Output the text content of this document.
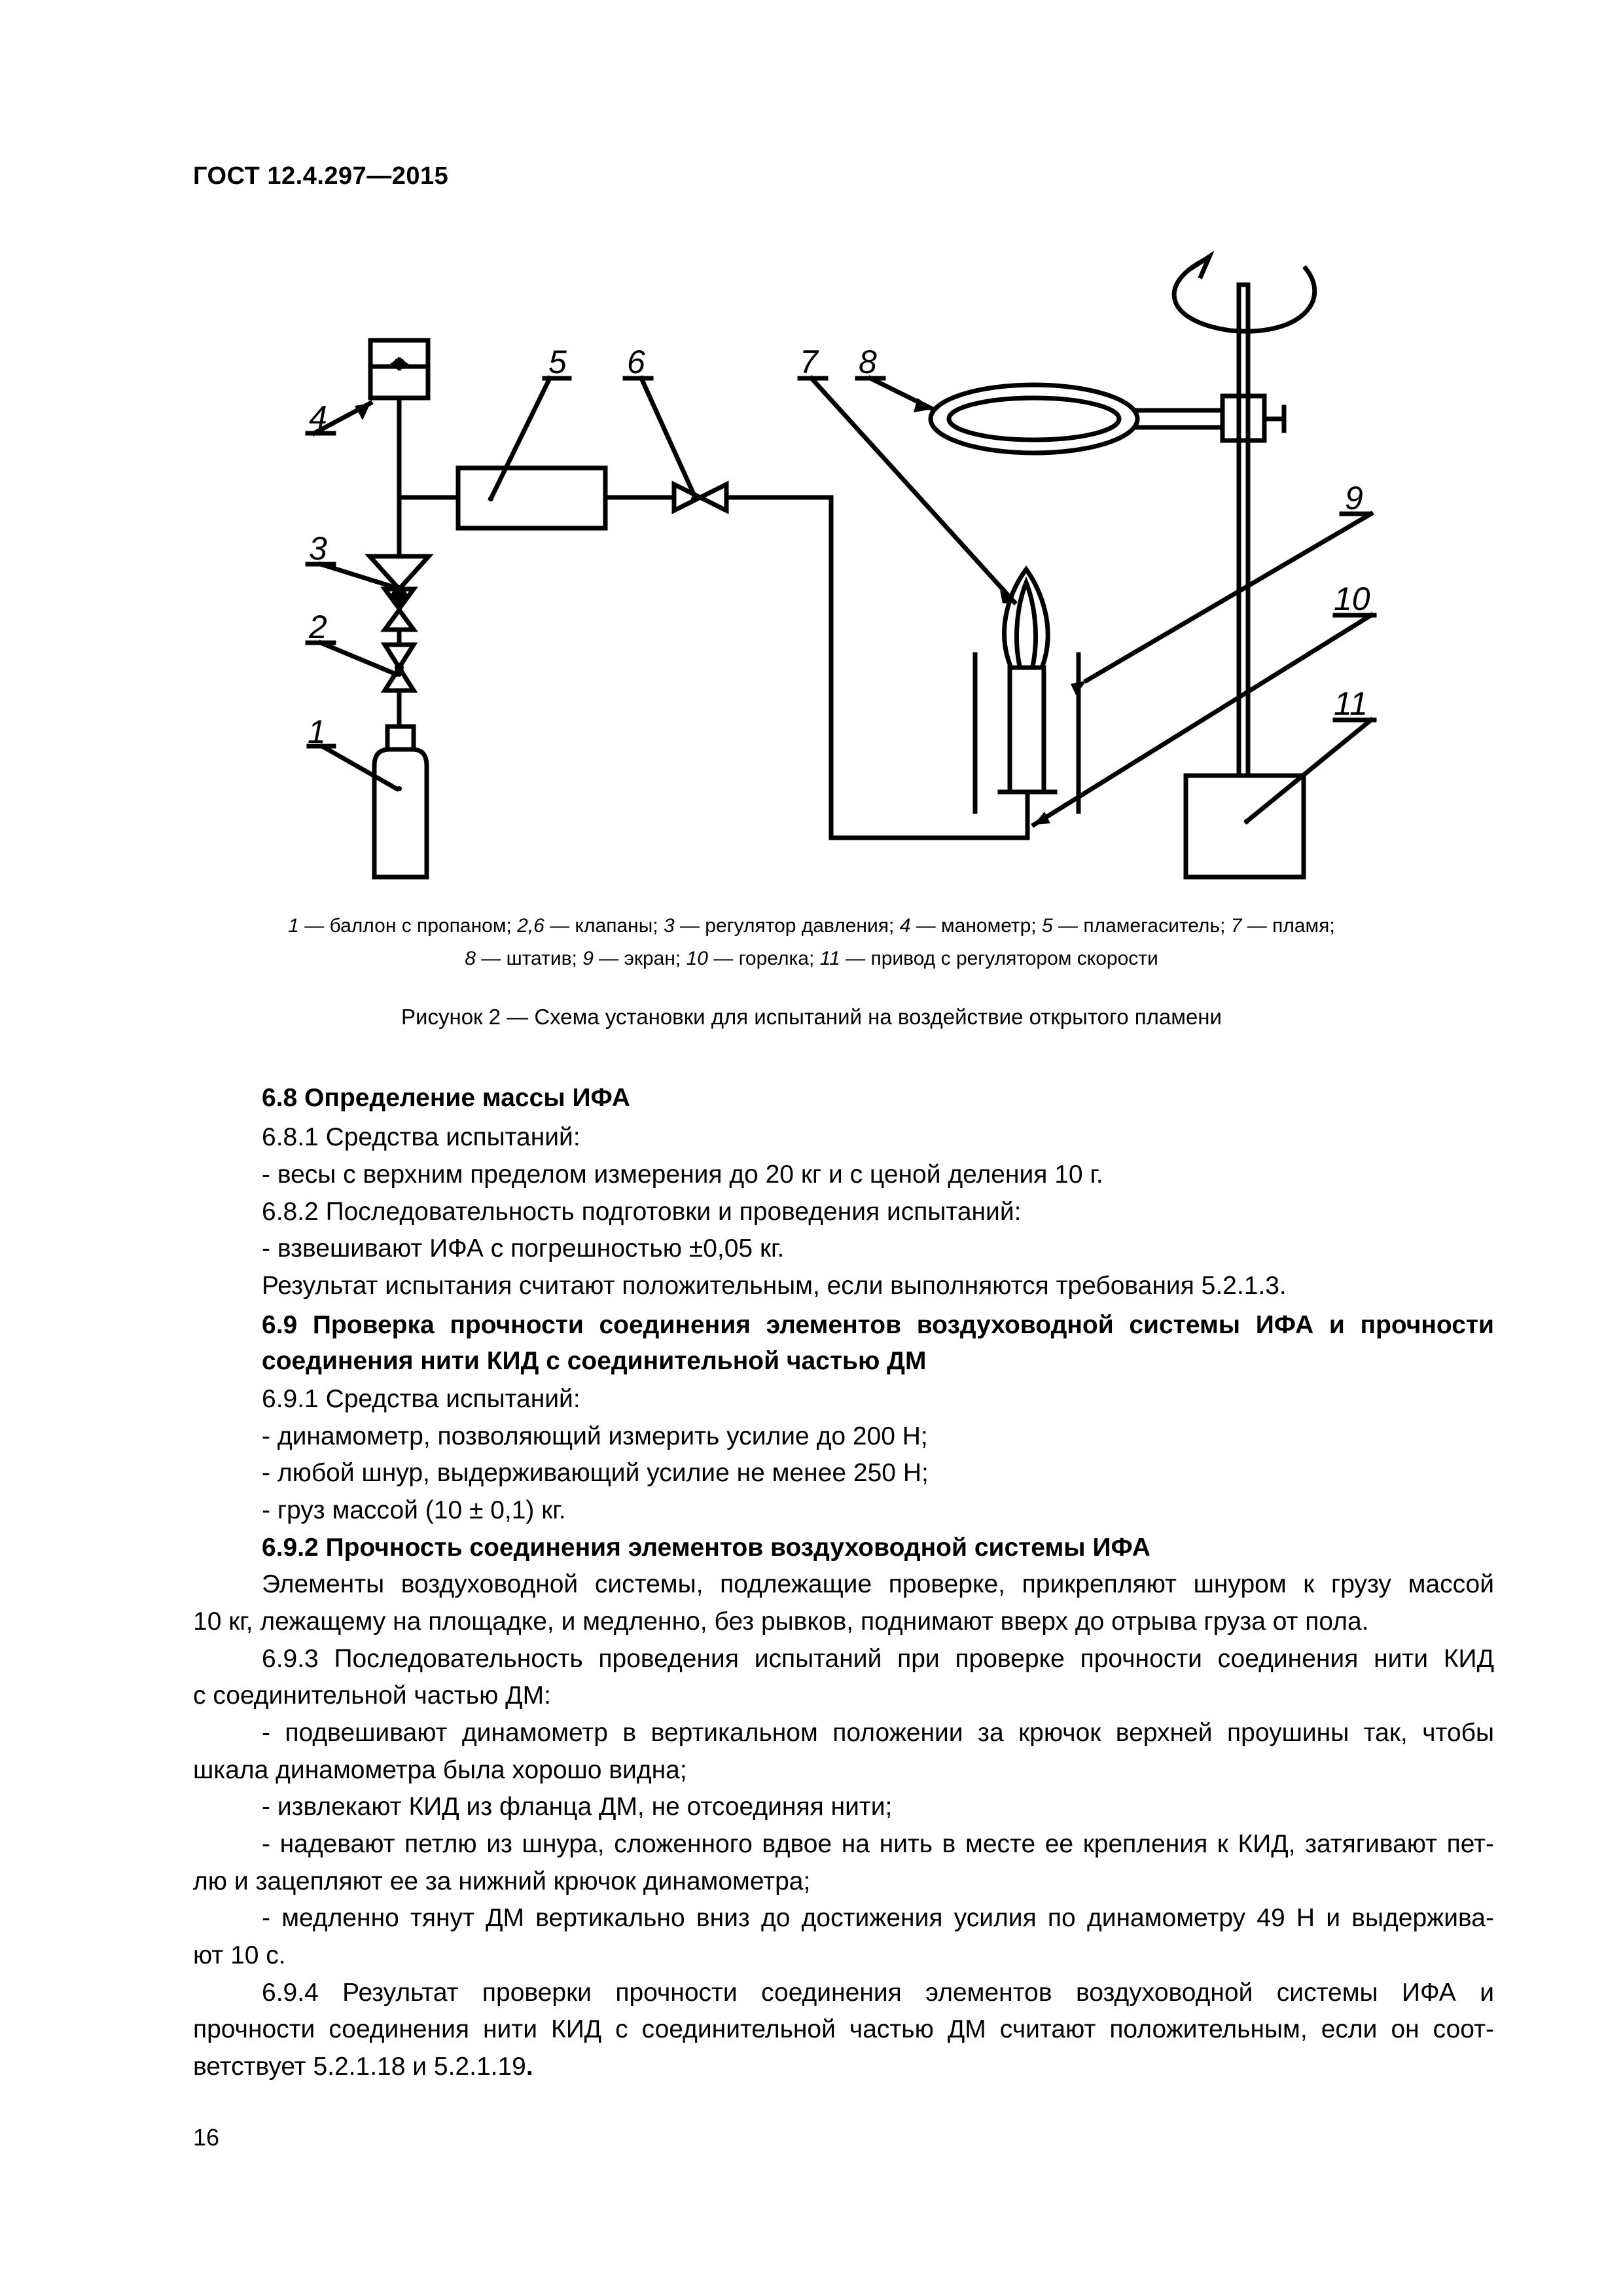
ГОСТ 12.4.297—2015
1
2
3
4
5 6	7 8
9
10
11
1 — баллон с пропаном; 2,6 — клапаны; 3 — регулятор давления; 4 — манометр; 5 — пламегаситель; 7 — пламя;
8 — штатив; 9 — экран; 10 — горелка; 11 — привод с регулятором скорости
Рисунок 2 — Схема установки для испытаний на воздействие открытого пламени
6.8 Определение массы ИФА
6.8.1 Средства испытаний:
- весы с верхним пределом измерения до 20 кг и с ценой деления 10 г.
6.8.2 Последовательность подготовки и проведения испытаний:
- взвешивают ИФА с погрешностью ±0,05 кг.
Результат испытания считают положительным, если выполняются требования 5.2.1.3.
6.9 Проверка прочности соединения элементов воздуховодной системы ИФА и прочности
соединения нити КИД с соединительной частью ДМ
6.9.1 Средства испытаний:
- динамометр, позволяющий измерить усилие до 200 Н;
- любой шнур, выдерживающий усилие не менее 250 Н;
- груз массой (10 ± 0,1) кг.
6.9.2 Прочность соединения элементов воздуховодной системы ИФА
Элементы воздуховодной системы, подлежащие проверке, прикрепляют шнуром к грузу массой
10 кг, лежащему на площадке, и медленно, без рывков, поднимают вверх до отрыва груза от пола.
6.9.3 Последовательность проведения испытаний при проверке прочности соединения нити КИД
с соединительной частью ДМ:
- подвешивают динамометр в вертикальном положении за крючок верхней проушины так, чтобы
шкала динамометра была хорошо видна;
- извлекают КИД из фланца ДМ, не отсоединяя нити;
- надевают петлю из шнура, сложенного вдвое на нить в месте ее крепления к КИД, затягивают пет-
лю и зацепляют ее за нижний крючок динамометра;
- медленно тянут ДМ вертикально вниз до достижения усилия по динамометру 49 Н и выдержива-
ют 10 с.
6.9.4 Результат проверки прочности соединения элементов воздуховодной системы ИФА и
прочности соединения нити КИД с соединительной частью ДМ считают положительным, если он соот-
ветствует 5.2.1.18 и 5.2.1.19.
16
